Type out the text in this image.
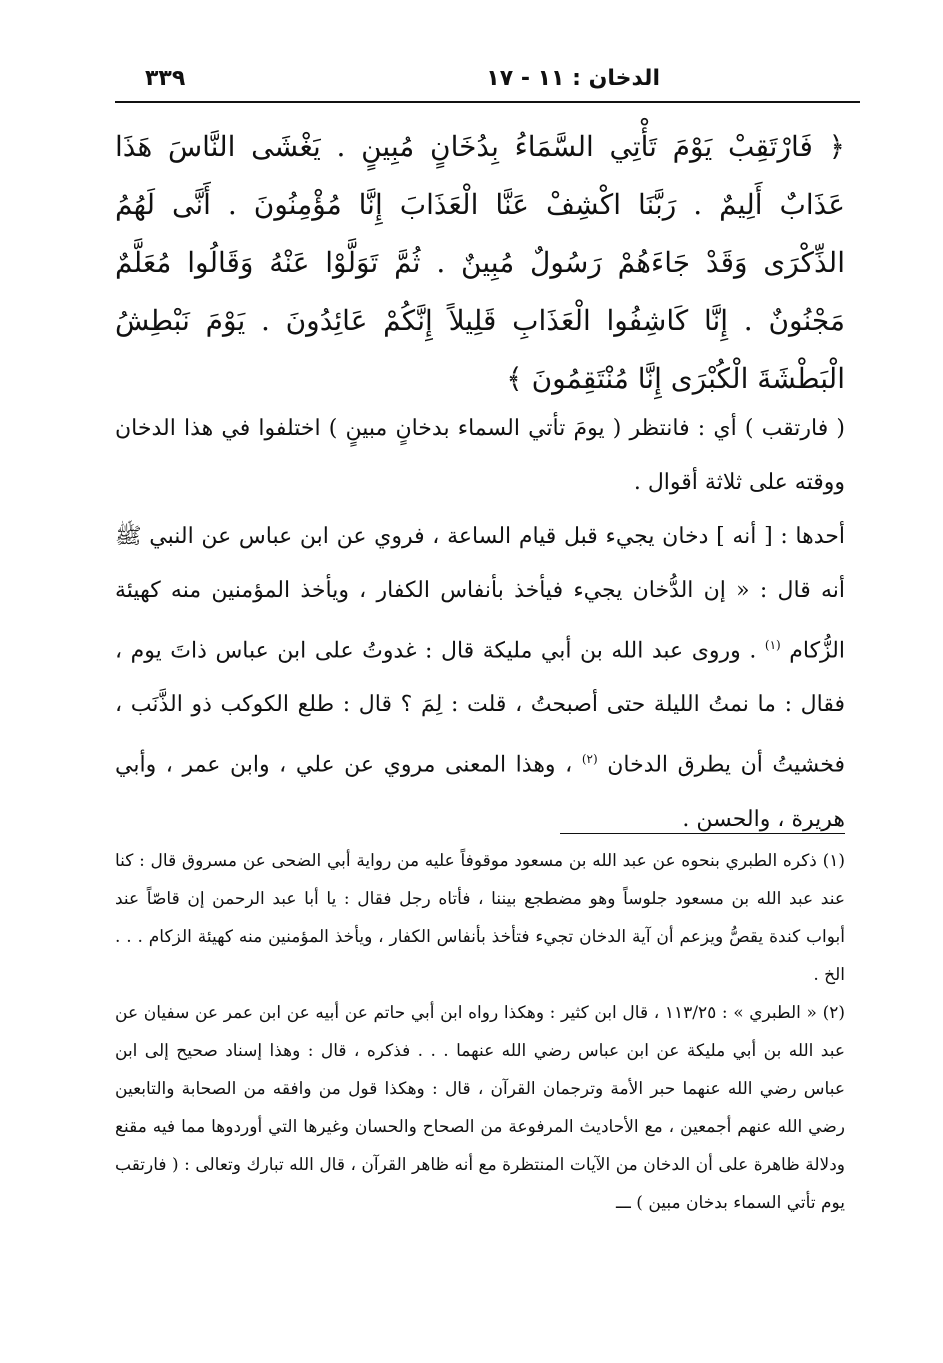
الدخان : ١١ - ١٧
٣٣٩

﴿ فَارْتَقِبْ يَوْمَ تَأْتِي السَّمَاءُ بِدُخَانٍ مُبِينٍ . يَغْشَى النَّاسَ هَذَا عَذَابٌ أَلِيمٌ . رَبَّنَا اكْشِفْ عَنَّا الْعَذَابَ إِنَّا مُؤْمِنُونَ . أَنَّى لَهُمُ الذِّكْرَى وَقَدْ جَاءَهُمْ رَسُولٌ مُبِينٌ . ثُمَّ تَوَلَّوْا عَنْهُ وَقَالُوا مُعَلَّمٌ مَجْنُونٌ . إِنَّا كَاشِفُوا الْعَذَابِ قَلِيلاً إِنَّكُمْ عَائِدُونَ . يَوْمَ نَبْطِشُ الْبَطْشَةَ الْكُبْرَى إِنَّا مُنْتَقِمُونَ ﴾

( فارتقب ) أي : فانتظر ( يومَ تأتي السماء بدخانٍ مبينٍ ) اختلفوا في هذا الدخان ووقته على ثلاثة أقوال .

أحدها : [ أنه ] دخان يجيء قبل قيام الساعة ، فروي عن ابن عباس عن النبي ﷺ أنه قال : « إن الدُّخان يجيء فيأخذ بأنفاس الكفار ، ويأخذ المؤمنين منه كهيئة الزُّكام $^{(١)}$ . وروى عبد الله بن أبي مليكة قال : غدوتُ على ابن عباس ذاتَ يوم ، فقال : ما نمتُ الليلة حتى أصبحتُ ، قلت : لِمَ ؟ قال : طلع الكوكب ذو الذَّنَب ، فخشيتُ أن يطرق الدخان $^{(٢)}$ ، وهذا المعنى مروي عن علي ، وابن عمر ، وأبي هريرة ، والحسن .

(١) ذكره الطبري بنحوه عن عبد الله بن مسعود موقوفاً عليه من رواية أبي الضحى عن مسروق قال : كنا عند عبد الله بن مسعود جلوساً وهو مضطجع بيننا ، فأتاه رجل فقال : يا أبا عبد الرحمن إن قاصّاً عند أبواب كندة يقصُّ ويزعم أن آية الدخان تجيء فتأخذ بأنفاس الكفار ، ويأخذ المؤمنين منه كهيئة الزكام . . . الخ .

(٢) « الطبري » : ١١٣/٢٥ ، قال ابن كثير : وهكذا رواه ابن أبي حاتم عن أبيه عن ابن عمر عن سفيان عن عبد الله بن أبي مليكة عن ابن عباس رضي الله عنهما . . . فذكره ، قال : وهذا إسناد صحيح إلى ابن عباس رضي الله عنهما حبر الأمة وترجمان القرآن ، قال : وهكذا قول من وافقه من الصحابة والتابعين رضي الله عنهم أجمعين ، مع الأحاديث المرفوعة من الصحاح والحسان وغيرها التي أوردوها مما فيه مقنع ودلالة ظاهرة على أن الدخان من الآيات المنتظرة مع أنه ظاهر القرآن ، قال الله تبارك وتعالى : ( فارتقب يوم تأتي السماء بدخان مبين ) ـــ
